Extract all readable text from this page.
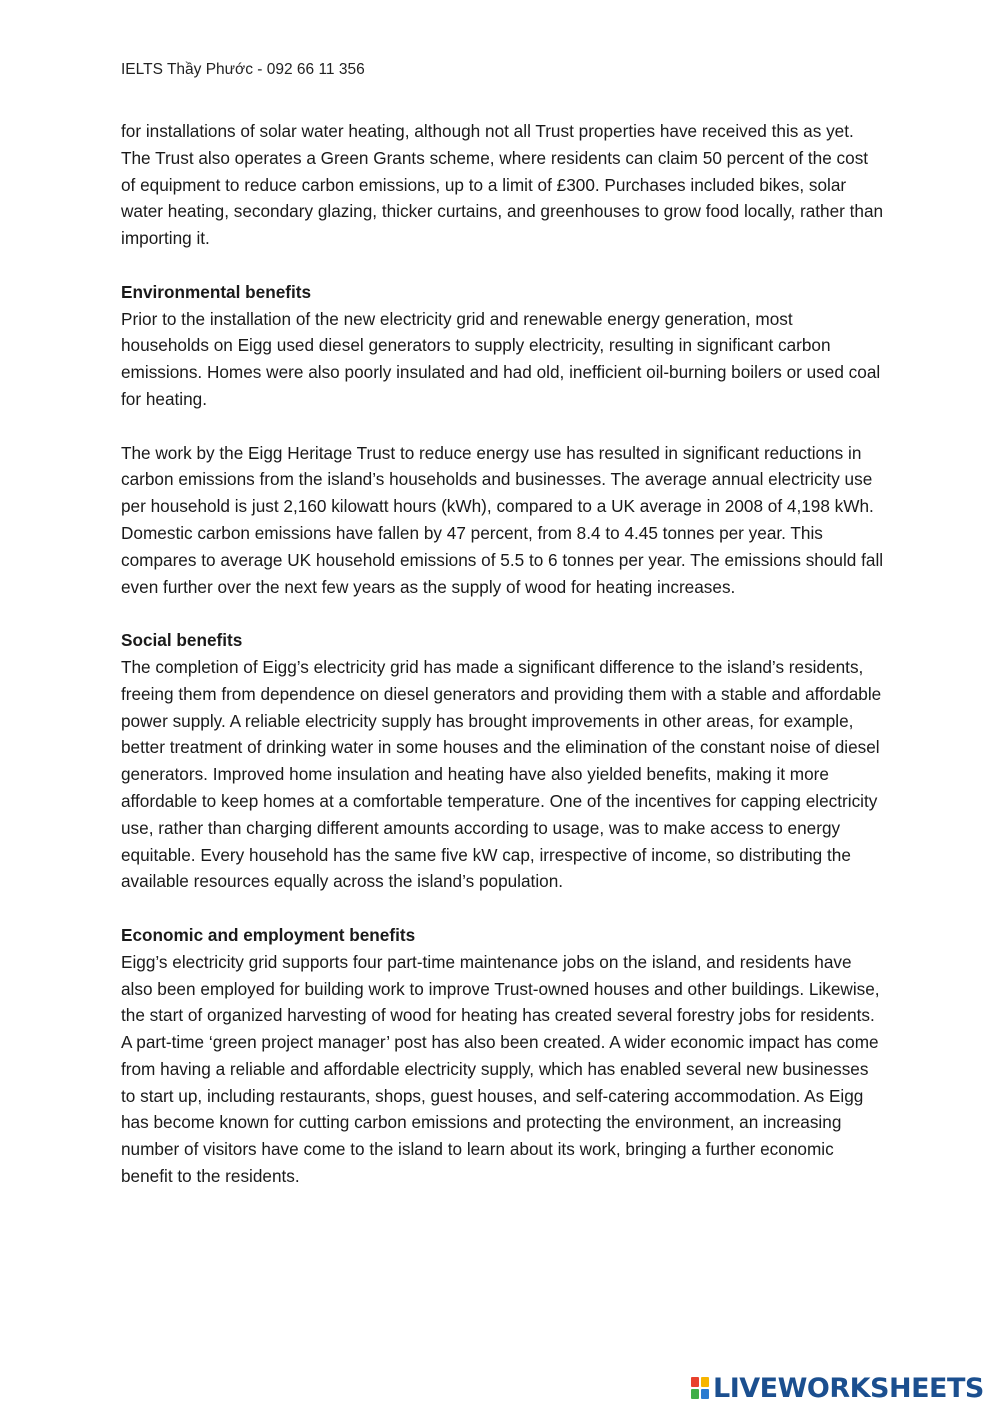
IELTS Thầy Phước - 092 66 11 356

for installations of solar water heating, although not all Trust properties have received this as yet. The Trust also operates a Green Grants scheme, where residents can claim 50 percent of the cost of equipment to reduce carbon emissions, up to a limit of £300. Purchases included bikes, solar water heating, secondary glazing, thicker curtains, and greenhouses to grow food locally, rather than importing it.

Environmental benefits

Prior to the installation of the new electricity grid and renewable energy generation, most households on Eigg used diesel generators to supply electricity, resulting in significant carbon emissions. Homes were also poorly insulated and had old, inefficient oil-burning boilers or used coal for heating.

The work by the Eigg Heritage Trust to reduce energy use has resulted in significant reductions in carbon emissions from the island’s households and businesses. The average annual electricity use per household is just 2,160 kilowatt hours (kWh), compared to a UK average in 2008 of 4,198 kWh. Domestic carbon emissions have fallen by 47 percent, from 8.4 to 4.45 tonnes per year. This compares to average UK household emissions of 5.5 to 6 tonnes per year. The emissions should fall even further over the next few years as the supply of wood for heating increases.

Social benefits

The completion of Eigg’s electricity grid has made a significant difference to the island’s residents, freeing them from dependence on diesel generators and providing them with a stable and affordable power supply. A reliable electricity supply has brought improvements in other areas, for example, better treatment of drinking water in some houses and the elimination of the constant noise of diesel generators. Improved home insulation and heating have also yielded benefits, making it more affordable to keep homes at a comfortable temperature. One of the incentives for capping electricity use, rather than charging different amounts according to usage, was to make access to energy equitable. Every household has the same five kW cap, irrespective of income, so distributing the available resources equally across the island’s population.

Economic and employment benefits

Eigg’s electricity grid supports four part-time maintenance jobs on the island, and residents have also been employed for building work to improve Trust-owned houses and other buildings. Likewise, the start of organized harvesting of wood for heating has created several forestry jobs for residents. A part-time ‘green project manager’ post has also been created. A wider economic impact has come from having a reliable and affordable electricity supply, which has enabled several new businesses to start up, including restaurants, shops, guest houses, and self-catering accommodation. As Eigg has become known for cutting carbon emissions and protecting the environment, an increasing number of visitors have come to the island to learn about its work, bringing a further economic benefit to the residents.

LIVEWORKSHEETS
